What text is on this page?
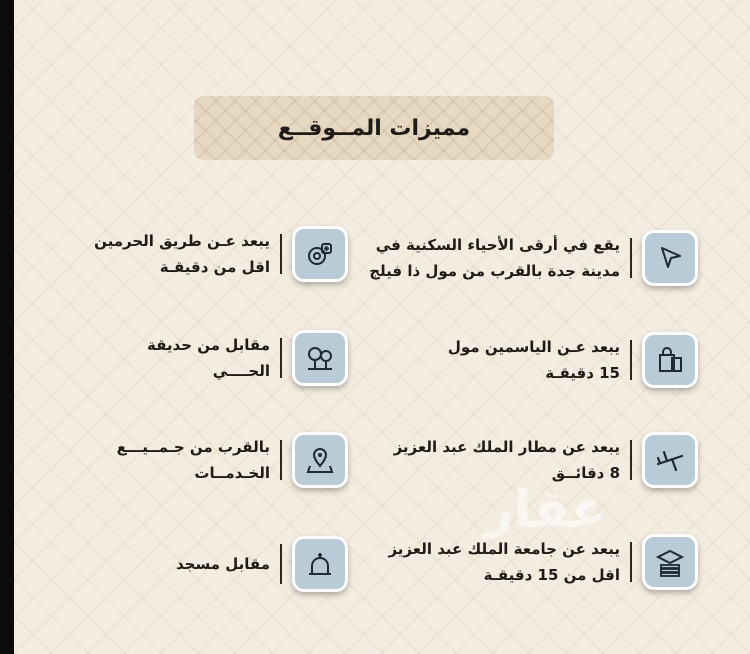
مميزات المــوقــع
يقع في أرقى الأحياء السكنية في
مدينة جدة بالقرب من مول ذا فيلج
يبعد عـن الياسمين مول
15 دقيقـة
يبعد عن مطار الملك عبد العزيز
8 دقائــق
يبعد عن جامعة الملك عبد العزيز
اقل من 15 دقيقـة
يبعد عـن طريق الحرمين
اقل من دقيقـة
مقابل من حديقة
الحــــي
بالقرب من جـمــيـــع
الخـدمــات
مقابل مسجد
عقار
